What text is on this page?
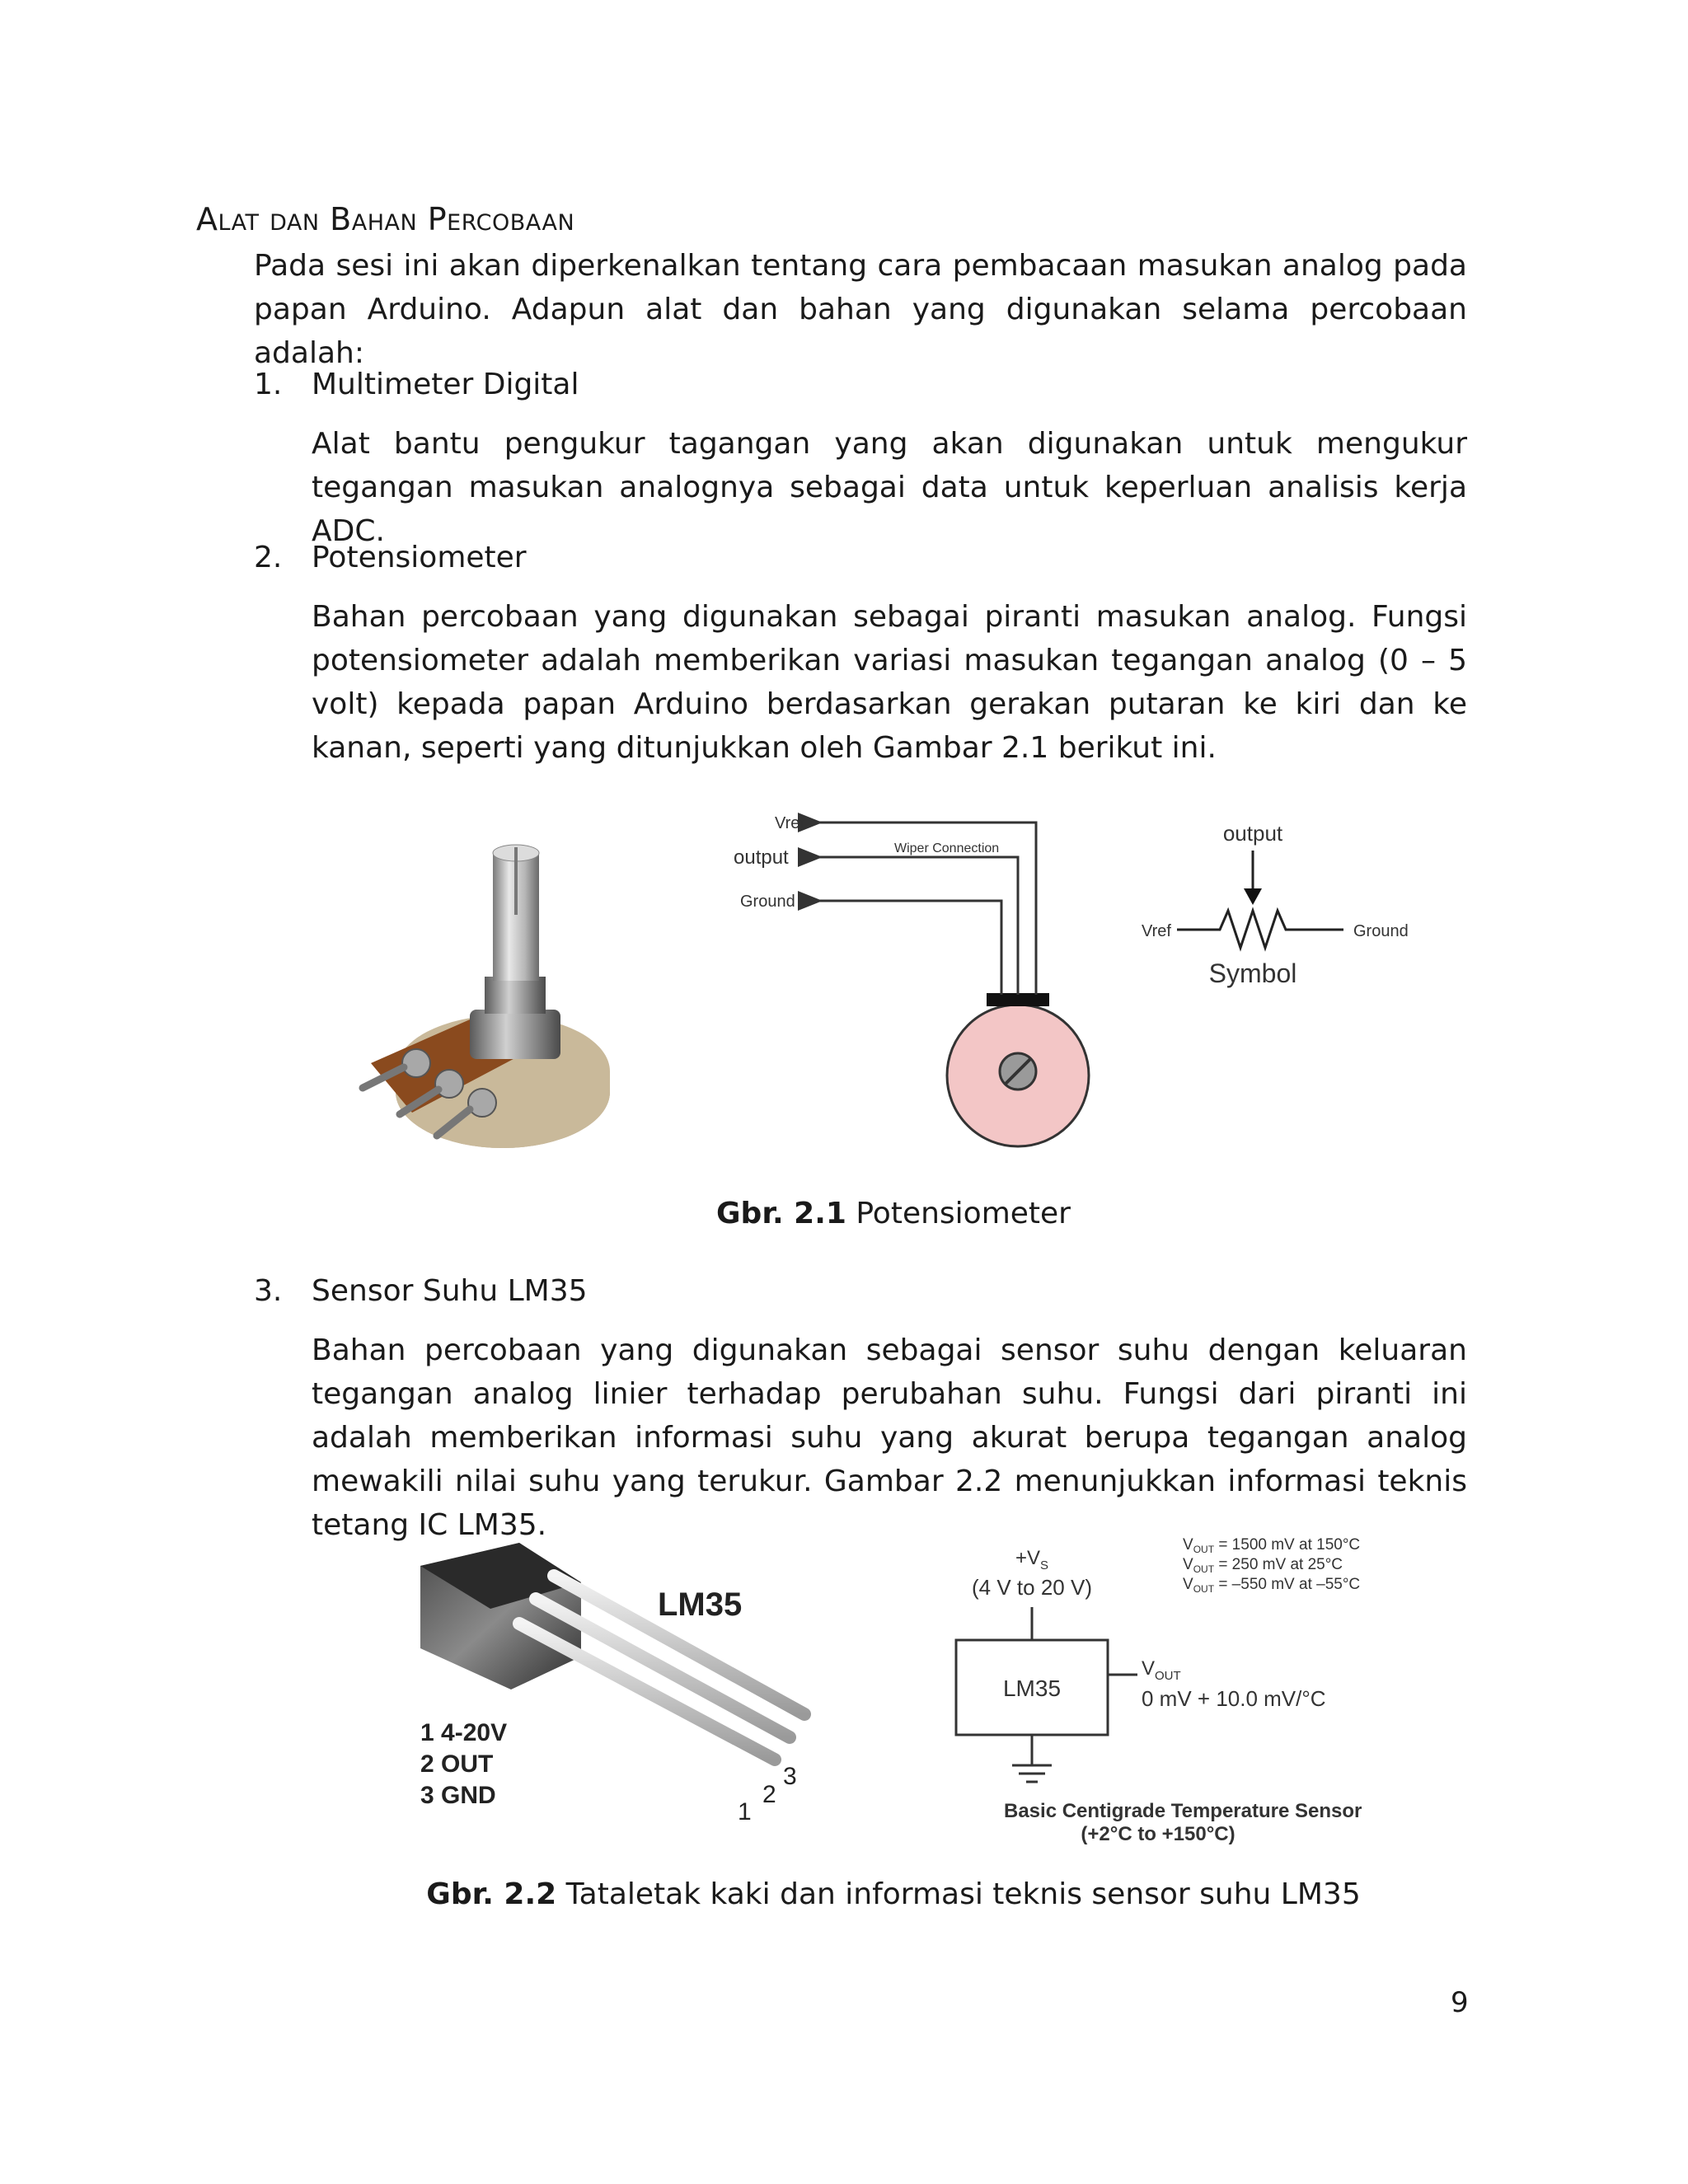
Alat dan Bahan Percobaan
Pada sesi ini akan diperkenalkan tentang cara pembacaan masukan analog pada papan Arduino. Adapun alat dan bahan yang digunakan selama percobaan adalah:
1. Multimeter Digital
Alat bantu pengukur tagangan yang akan digunakan untuk mengukur tegangan masukan analognya sebagai data untuk keperluan analisis kerja ADC.
2. Potensiometer
Bahan percobaan yang digunakan sebagai piranti masukan analog. Fungsi potensiometer adalah memberikan variasi masukan tegangan analog (0 – 5 volt) kepada papan Arduino berdasarkan gerakan putaran ke kiri dan ke kanan, seperti yang ditunjukkan oleh Gambar 2.1 berikut ini.
Vref
output
Ground
Wiper Connection
output
Vref	Ground
Symbol
Gbr. 2.1 Potensiometer
3. Sensor Suhu LM35
Bahan percobaan yang digunakan sebagai sensor suhu dengan keluaran tegangan analog linier terhadap perubahan suhu. Fungsi dari piranti ini adalah memberikan informasi suhu yang akurat berupa tegangan analog mewakili nilai suhu yang terukur. Gambar 2.2 menunjukkan informasi teknis tetang IC LM35.
LM35
1 4-20V
2 OUT
3 GND
1
2
3
$+V_S$
(4 V to 20 V)
LM35
$V_{OUT}$
0 mV + 10.0 mV/°C
$V_{OUT} = 1500$ mV at 150°C
$V_{OUT} = 250$ mV at 25°C
$V_{OUT} = -550$ mV at –55°C
Basic Centigrade Temperature Sensor
(+2°C to +150°C)
Gbr. 2.2 Tataletak kaki dan informasi teknis sensor suhu LM35
9
